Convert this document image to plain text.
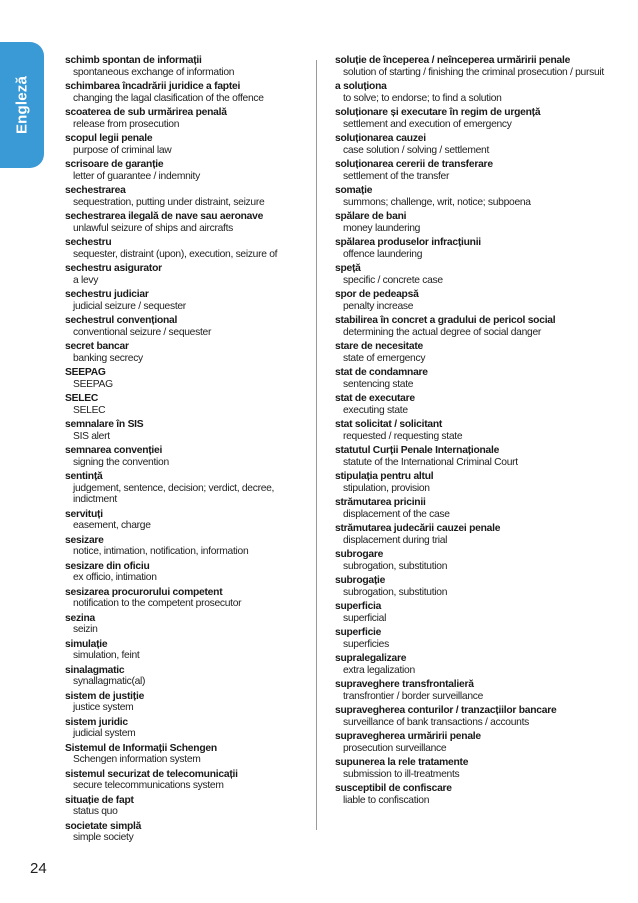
Engleză
schimb spontan de informații
spontaneous exchange of information
schimbarea încadrării juridice a faptei
changing the lagal clasification of the offence
scoaterea de sub urmărirea penală
release from prosecution
scopul legii penale
purpose of criminal law
scrisoare de garanție
letter of guarantee / indemnity
sechestrarea
sequestration, putting under distraint, seizure
sechestrarea ilegală de nave sau aeronave
unlawful seizure of ships and aircrafts
sechestru
sequester, distraint (upon), execution, seizure of
sechestru asigurator
a levy
sechestru judiciar
judicial seizure / sequester
sechestrul convențional
conventional seizure / sequester
secret bancar
banking secrecy
SEEPAG
SEEPAG
SELEC
SELEC
semnalare în SIS
SIS alert
semnarea convenției
signing the convention
sentință
judgement, sentence, decision; verdict, decree, indictment
servituți
easement, charge
sesizare
notice, intimation, notification, information
sesizare din oficiu
ex officio, intimation
sesizarea procurorului competent
notification to the competent prosecutor
sezina
seizin
simulație
simulation, feint
sinalagmatic
synallagmatic(al)
sistem de justiție
justice system
sistem juridic
judicial system
Sistemul de Informații Schengen
Schengen information system
sistemul securizat de telecomunicații
secure telecommunications system
situație de fapt
status quo
societate simplă
simple society
soluție de începerea / neînceperea urmăririi penale
solution of starting / finishing the criminal prosecution / pursuit
a soluționa
to solve; to endorse; to find a solution
soluționare și executare în regim de urgență
settlement and execution of emergency
soluționarea cauzei
case solution / solving / settlement
soluționarea cererii de transferare
settlement of the transfer
somație
summons; challenge, writ, notice; subpoena
spălare de bani
money laundering
spălarea produselor infracțiunii
offence laundering
speță
specific / concrete case
spor de pedeapsă
penalty increase
stabilirea în concret a gradului de pericol social
determining the actual degree of social danger
stare de necesitate
state of emergency
stat de condamnare
sentencing state
stat de executare
executing state
stat solicitat / solicitant
requested / requesting state
statutul Curții Penale Internaționale
statute of the International Criminal Court
stipulația pentru altul
stipulation, provision
strămutarea pricinii
displacement of the case
strămutarea judecării cauzei penale
displacement during trial
subrogare
subrogation, substitution
subrogație
subrogation, substitution
superficia
superficial
superficie
superficies
supralegalizare
extra legalization
supraveghere transfrontalieră
transfrontier / border surveillance
supravegherea conturilor / tranzacțiilor bancare
surveillance of bank transactions / accounts
supravegherea urmăririi penale
prosecution surveillance
supunerea la rele tratamente
submission to ill-treatments
susceptibil de confiscare
liable to confiscation
24
